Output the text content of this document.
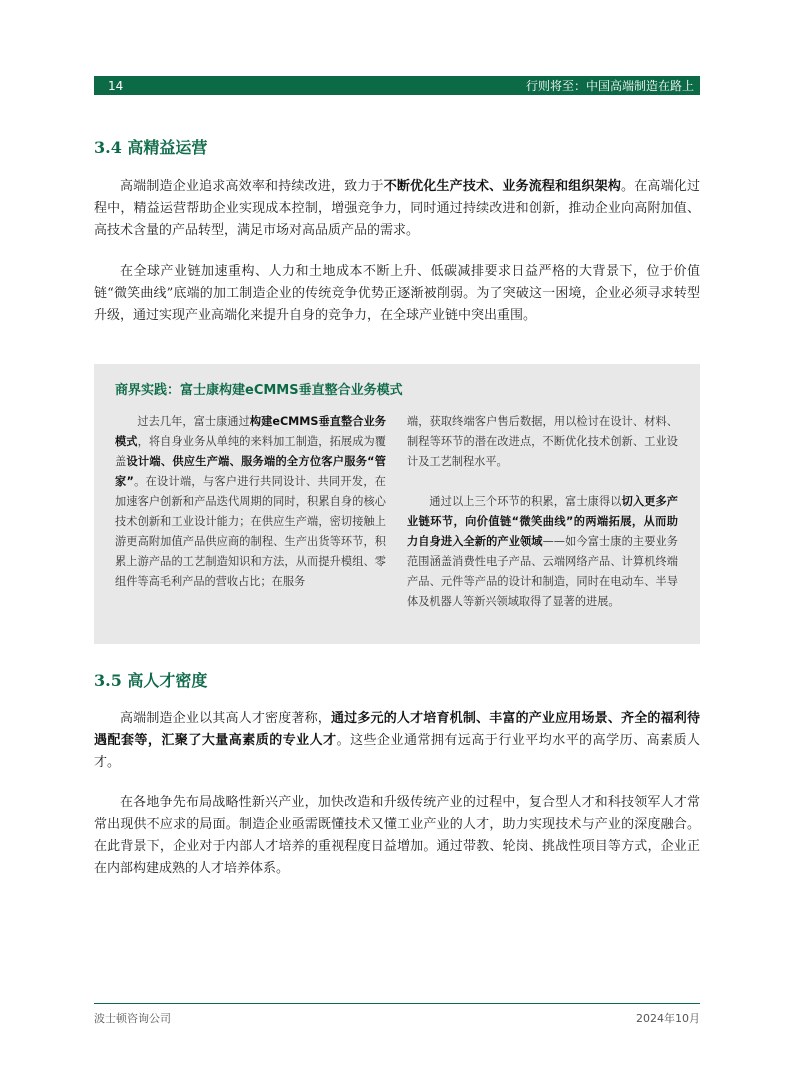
14	行则将至：中国高端制造在路上
3.4 高精益运营

高端制造企业追求高效率和持续改进，致力于不断优化生产技术、业务流程和组织架构。在高端化过程中，精益运营帮助企业实现成本控制，增强竞争力，同时通过持续改进和创新，推动企业向高附加值、高技术含量的产品转型，满足市场对高品质产品的需求。

在全球产业链加速重构、人力和土地成本不断上升、低碳减排要求日益严格的大背景下，位于价值链“微笑曲线”底端的加工制造企业的传统竞争优势正逐渐被削弱。为了突破这一困境，企业必须寻求转型升级，通过实现产业高端化来提升自身的竞争力，在全球产业链中突出重围。

商界实践：富士康构建eCMMS垂直整合业务模式

过去几年，富士康通过构建eCMMS垂直整合业务模式，将自身业务从单纯的来料加工制造，拓展成为覆盖设计端、供应生产端、服务端的全方位客户服务“管家”。在设计端，与客户进行共同设计、共同开发，在加速客户创新和产品迭代周期的同时，积累自身的核心技术创新和工业设计能力；在供应生产端，密切接触上游更高附加值产品供应商的制程、生产出货等环节，积累上游产品的工艺制造知识和方法，从而提升模组、零组件等高毛利产品的营收占比；在服务

端，获取终端客户售后数据，用以检讨在设计、材料、制程等环节的潜在改进点，不断优化技术创新、工业设计及工艺制程水平。

通过以上三个环节的积累，富士康得以切入更多产业链环节，向价值链“微笑曲线”的两端拓展，从而助力自身进入全新的产业领域——如今富士康的主要业务范围涵盖消费性电子产品、云端网络产品、计算机终端产品、元件等产品的设计和制造，同时在电动车、半导体及机器人等新兴领域取得了显著的进展。

3.5 高人才密度

高端制造企业以其高人才密度著称，通过多元的人才培育机制、丰富的产业应用场景、齐全的福利待遇配套等，汇聚了大量高素质的专业人才。这些企业通常拥有远高于行业平均水平的高学历、高素质人才。

在各地争先布局战略性新兴产业，加快改造和升级传统产业的过程中，复合型人才和科技领军人才常常出现供不应求的局面。制造企业亟需既懂技术又懂工业产业的人才，助力实现技术与产业的深度融合。在此背景下，企业对于内部人才培养的重视程度日益增加。通过带教、轮岗、挑战性项目等方式，企业正在内部构建成熟的人才培养体系。

波士顿咨询公司	2024年10月
